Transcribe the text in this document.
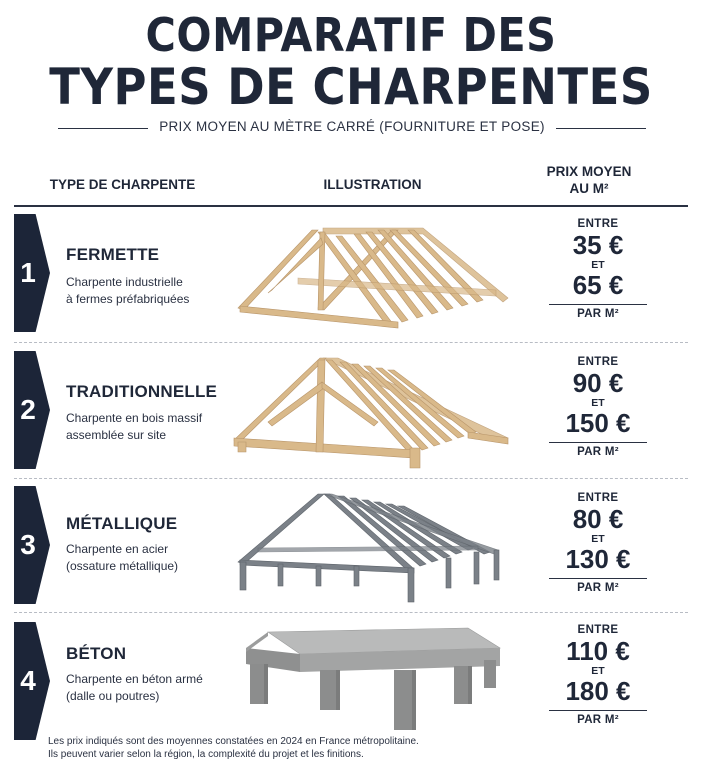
COMPARATIF DES
TYPES DE CHARPENTES
PRIX MOYEN AU MÈTRE CARRÉ (FOURNITURE ET POSE)
TYPE DE CHARPENTE	ILLUSTRATION
PRIX MOYEN
AU M²
1
FERMETTE
Charpente industrielle
à fermes préfabriquées
ENTRE
35 €
ET
65 €
PAR M²
2
TRADITIONNELLE
Charpente en bois massif
assemblée sur site
ENTRE
90 €
ET
150 €
PAR M²
3
MÉTALLIQUE
Charpente en acier
(ossature métallique)
ENTRE
80 €
ET
130 €
PAR M²
4
BÉTON
Charpente en béton armé
(dalle ou poutres)
ENTRE
110 €
ET
180 €
PAR M²
Les prix indiqués sont des moyennes constatées en 2024 en France métropolitaine.
Ils peuvent varier selon la région, la complexité du projet et les finitions.
